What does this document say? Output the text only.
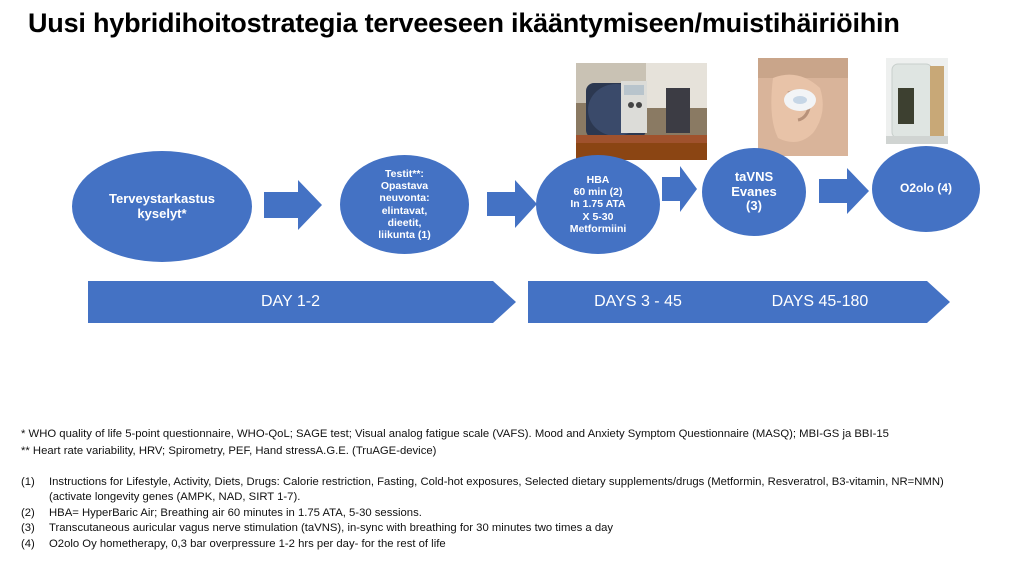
Uusi hybridihoitostrategia terveeseen ikääntymiseen/muistihäiriöihin
Terveystarkastus
kyselyt*
Testit**:
Opastava
neuvonta:
elintavat,
dieetit,
liikunta (1)
HBA
60 min (2)
In 1.75 ATA
X 5-30
Metformiini
taVNS
Evanes
(3)
O2olo (4)
DAY 1-2	DAYS 3 - 45	DAYS 45-180
* WHO quality of life 5-point questionnaire, WHO-QoL; SAGE test; Visual analog fatigue scale (VAFS). Mood and Anxiety Symptom Questionnaire (MASQ); MBI-GS ja BBI-15
** Heart rate variability, HRV; Spirometry, PEF, Hand stressA.G.E. (TruAGE-device)
(1) Instructions for Lifestyle, Activity, Diets, Drugs: Calorie restriction, Fasting, Cold-hot exposures, Selected dietary supplements/drugs (Metformin, Resveratrol, B3-vitamin, NR=NMN)
(activate longevity genes (AMPK, NAD, SIRT 1-7).
(2) HBA= HyperBaric Air; Breathing air 60 minutes in 1.75 ATA, 5-30 sessions.
(3) Transcutaneous auricular vagus nerve stimulation (taVNS), in-sync with breathing for 30 minutes two times a day
(4) O2olo Oy hometherapy, 0,3 bar overpressure 1-2 hrs per day- for the rest of life
